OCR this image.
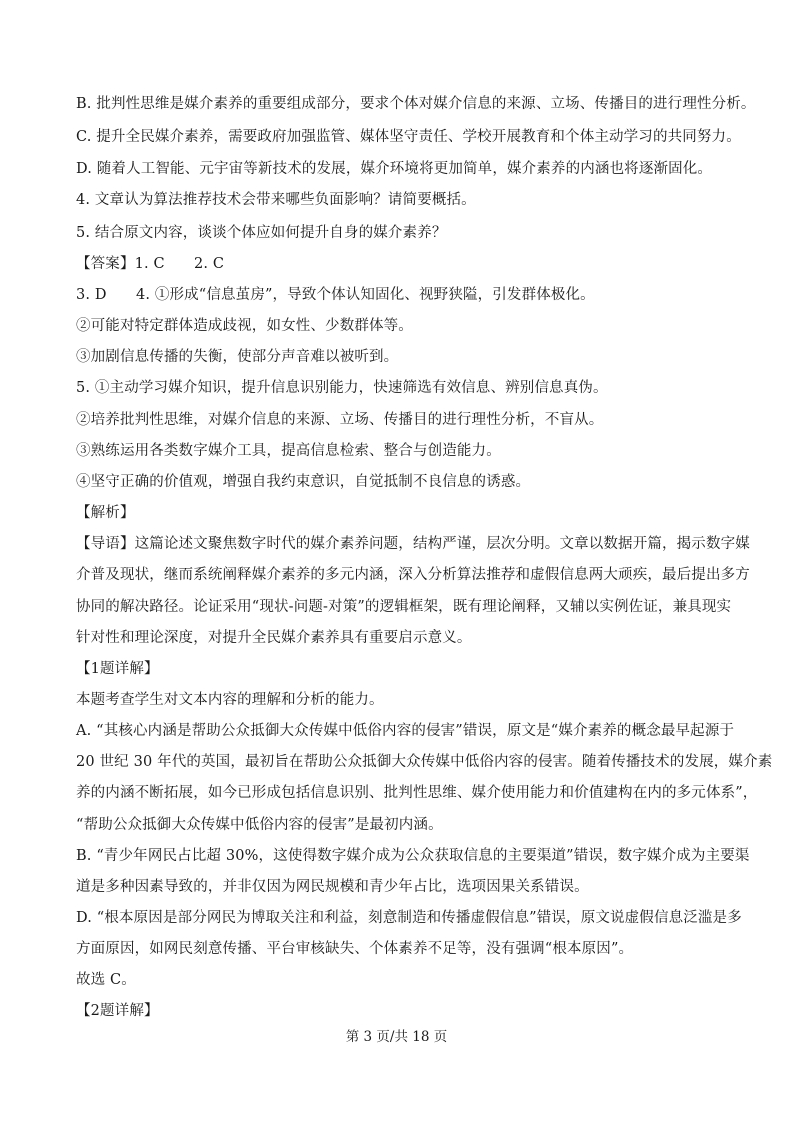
B. 批判性思维是媒介素养的重要组成部分，要求个体对媒介信息的来源、立场、传播目的进行理性分析。
C. 提升全民媒介素养，需要政府加强监管、媒体坚守责任、学校开展教育和个体主动学习的共同努力。
D. 随着人工智能、元宇宙等新技术的发展，媒介环境将更加简单，媒介素养的内涵也将逐渐固化。
4. 文章认为算法推荐技术会带来哪些负面影响？请简要概括。
5. 结合原文内容，谈谈个体应如何提升自身的媒介素养？
【答案】1. C　　2. C
3. D　　4. ①形成“信息茧房”，导致个体认知固化、视野狭隘，引发群体极化。
②可能对特定群体造成歧视，如女性、少数群体等。
③加剧信息传播的失衡，使部分声音难以被听到。
5. ①主动学习媒介知识，提升信息识别能力，快速筛选有效信息、辨别信息真伪。
②培养批判性思维，对媒介信息的来源、立场、传播目的进行理性分析，不盲从。
③熟练运用各类数字媒介工具，提高信息检索、整合与创造能力。
④坚守正确的价值观，增强自我约束意识，自觉抵制不良信息的诱惑。
【解析】
【导语】这篇论述文聚焦数字时代的媒介素养问题，结构严谨，层次分明。文章以数据开篇，揭示数字媒
介普及现状，继而系统阐释媒介素养的多元内涵，深入分析算法推荐和虚假信息两大顽疾，最后提出多方
协同的解决路径。论证采用“现状-问题-对策”的逻辑框架，既有理论阐释，又辅以实例佐证，兼具现实
针对性和理论深度，对提升全民媒介素养具有重要启示意义。
【1题详解】
本题考查学生对文本内容的理解和分析的能力。
A. “其核心内涵是帮助公众抵御大众传媒中低俗内容的侵害”错误，原文是“媒介素养的概念最早起源于
20 世纪 30 年代的英国，最初旨在帮助公众抵御大众传媒中低俗内容的侵害。随着传播技术的发展，媒介素
养的内涵不断拓展，如今已形成包括信息识别、批判性思维、媒介使用能力和价值建构在内的多元体系”，
“帮助公众抵御大众传媒中低俗内容的侵害”是最初内涵。
B. “青少年网民占比超 30%，这使得数字媒介成为公众获取信息的主要渠道”错误，数字媒介成为主要渠
道是多种因素导致的，并非仅因为网民规模和青少年占比，选项因果关系错误。
D. “根本原因是部分网民为博取关注和利益，刻意制造和传播虚假信息”错误，原文说虚假信息泛滥是多
方面原因，如网民刻意传播、平台审核缺失、个体素养不足等，没有强调“根本原因”。
故选 C。
【2题详解】
第 3 页/共 18 页
